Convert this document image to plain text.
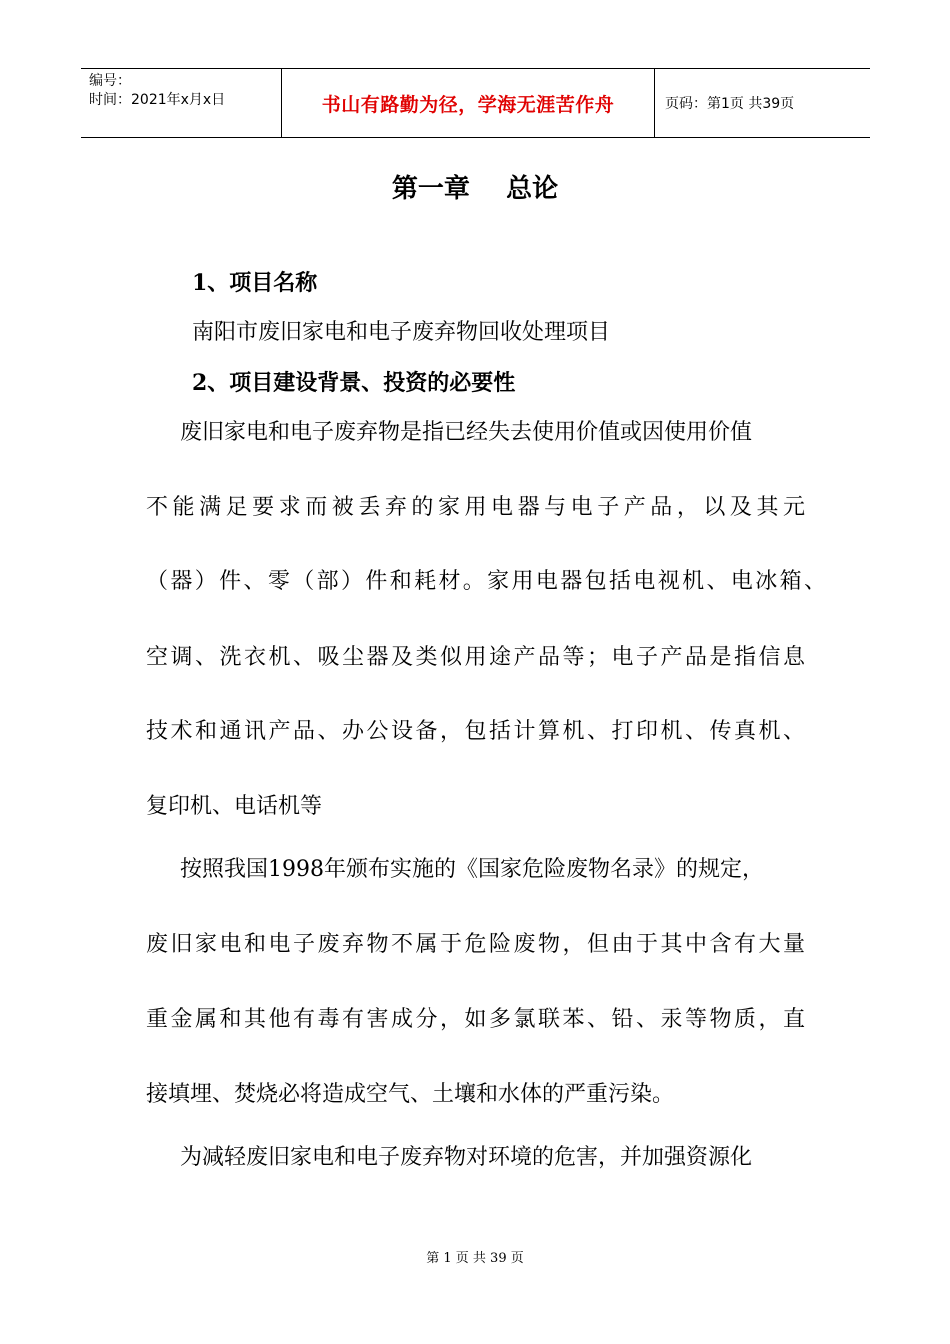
编号：
时间：2021年x月x日	书山有路勤为径，学海无涯苦作舟	页码：第1页 共39页
第一章    总论
1、项目名称
南阳市废旧家电和电子废弃物回收处理项目
2、项目建设背景、投资的必要性
废旧家电和电子废弃物是指已经失去使用价值或因使用价值
不能满足要求而被丢弃的家用电器与电子产品，以及其元
（器）件、零（部）件和耗材。家用电器包括电视机、电冰箱、
空调、洗衣机、吸尘器及类似用途产品等；电子产品是指信息
技术和通讯产品、办公设备，包括计算机、打印机、传真机、
复印机、电话机等
按照我国1998年颁布实施的《国家危险废物名录》的规定，
废旧家电和电子废弃物不属于危险废物，但由于其中含有大量
重金属和其他有毒有害成分，如多氯联苯、铅、汞等物质，直
接填埋、焚烧必将造成空气、土壤和水体的严重污染。
为减轻废旧家电和电子废弃物对环境的危害，并加强资源化
第 1 页 共 39 页
